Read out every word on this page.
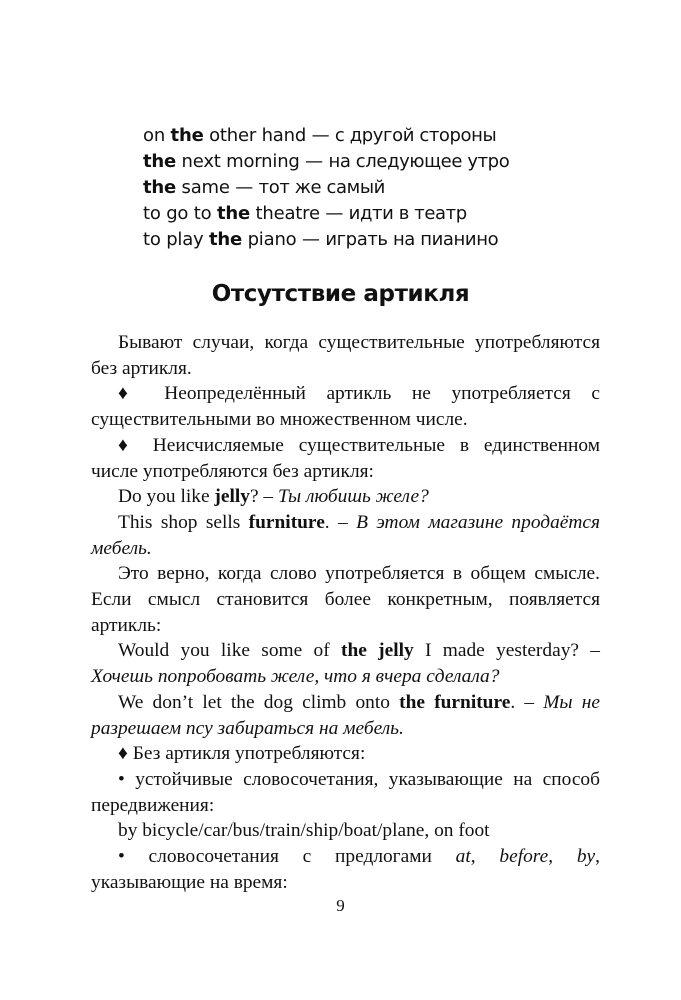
on the other hand — с другой стороны
the next morning — на следующее утро
the same — тот же самый
to go to the theatre — идти в театр
to play the piano — играть на пианино
Отсутствие артикля

Бывают случаи, когда существительные употребляются без артикля.

♦ Неопределённый артикль не употребляется с существительными во множественном числе.

♦ Неисчисляемые существительные в единственном числе употребляются без артикля:

Do you like jelly? – Ты любишь желе?

This shop sells furniture. – В этом магазине продаётся мебель.

Это верно, когда слово употребляется в общем смысле. Если смысл становится более конкретным, появляется артикль:

Would you like some of the jelly I made yesterday? – Хочешь попробовать желе, что я вчера сделала?

We don’t let the dog climb onto the furniture. – Мы не разрешаем псу забираться на мебель.

♦ Без артикля употребляются:

• устойчивые словосочетания, указывающие на способ передвижения:

by bicycle/car/bus/train/ship/boat/plane, on foot

• словосочетания с предлогами at, before, by, указывающие на время:

9
